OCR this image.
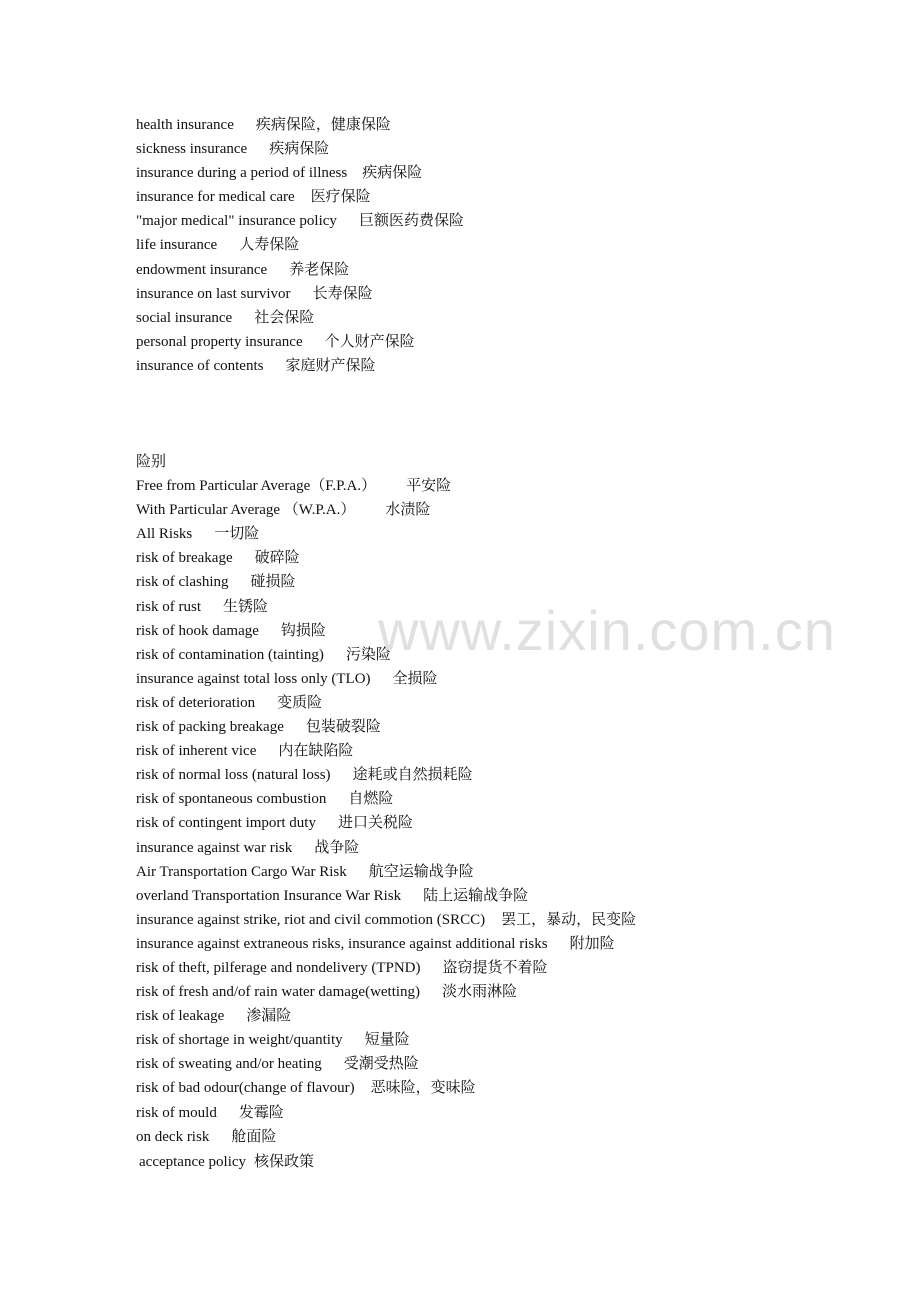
health insurance 疾病保险，健康保险
sickness insurance 疾病保险
insurance during a period of illness 疾病保险
insurance for medical care 医疗保险
"major medical" insurance policy 巨额医药费保险
life insurance 人寿保险
endowment insurance 养老保险
insurance on last survivor 长寿保险
social insurance 社会保险
personal property insurance 个人财产保险
insurance of contents 家庭财产保险
险别
Free from Particular Average（F.P.A.） 平安险
With Particular Average （W.P.A.） 水渍险
All Risks 一切险
risk of breakage 破碎险
risk of clashing 碰损险
risk of rust 生锈险
risk of hook damage 钩损险
risk of contamination (tainting) 污染险
insurance against total loss only (TLO) 全损险
risk of deterioration 变质险
risk of packing breakage 包装破裂险
risk of inherent vice 内在缺陷险
risk of normal loss (natural loss) 途耗或自然损耗险
risk of spontaneous combustion 自燃险
risk of contingent import duty 进口关税险
insurance against war risk 战争险
Air Transportation Cargo War Risk 航空运输战争险
overland Transportation Insurance War Risk 陆上运输战争险
insurance against strike, riot and civil commotion (SRCC) 罢工，暴动，民变险
insurance against extraneous risks, insurance against additional risks 附加险
risk of theft, pilferage and nondelivery (TPND) 盗窃提货不着险
risk of fresh and/of rain water damage(wetting) 淡水雨淋险
risk of leakage 渗漏险
risk of shortage in weight/quantity 短量险
risk of sweating and/or heating 受潮受热险
risk of bad odour(change of flavour) 恶味险，变味险
risk of mould 发霉险
on deck risk 舱面险
acceptance policy 核保政策
www.zixin.com.cn
